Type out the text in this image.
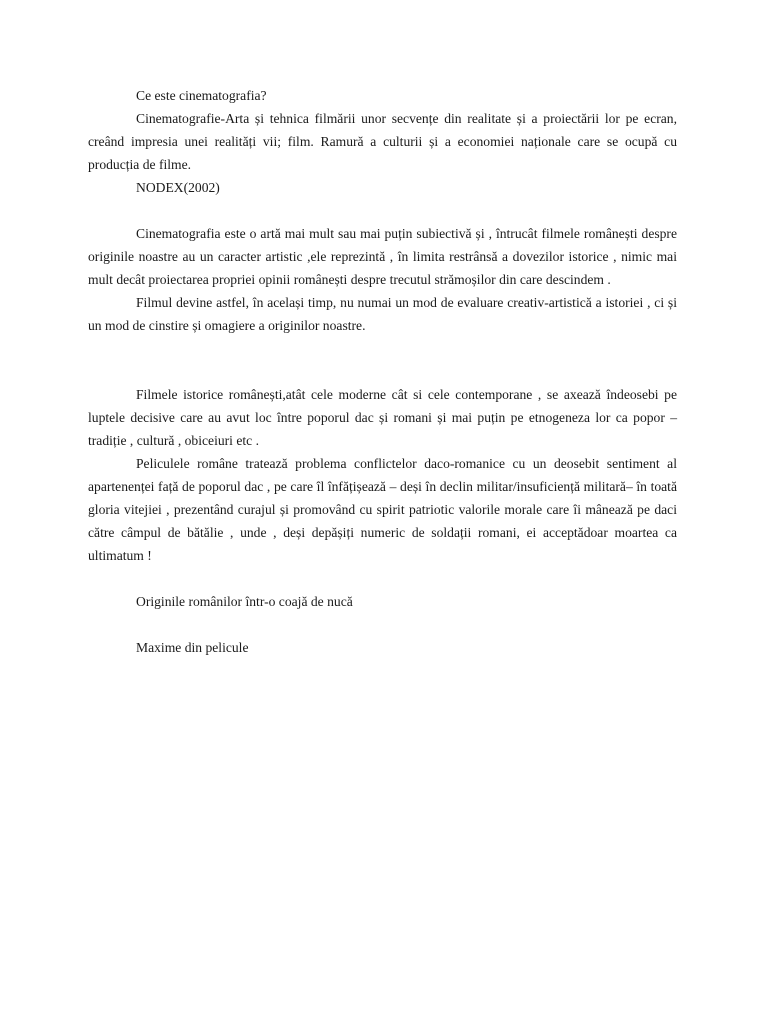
Ce este cinematografia?

Cinematografie-Arta și tehnica filmării unor secvențe din realitate și a proiectării lor pe ecran, creând impresia unei realități vii; film. Ramură a culturii și a economiei naționale care se ocupă cu producția de filme.

NODEX(2002)

Cinematografia este o artă mai mult sau mai puțin subiectivă și , întrucât filmele românești despre originile noastre au un caracter artistic ,ele reprezintă , în limita restrânsă a dovezilor istorice , nimic mai mult decât proiectarea propriei opinii românești despre trecutul strămoșilor din care descindem .

Filmul devine astfel, în același timp, nu numai un mod de evaluare creativ-artistică a istoriei , ci și un mod de cinstire și omagiere a originilor noastre.

Filmele istorice românești,atât cele moderne cât si cele contemporane , se axează îndeosebi pe luptele decisive care au avut loc între poporul dac și romani și mai puțin pe etnogeneza lor ca popor – tradiție , cultură , obiceiuri etc .

Peliculele române tratează problema conflictelor daco-romanice cu un deosebit sentiment al apartenenței față de poporul dac , pe care îl înfățișează – deși în declin militar/insuficiență militară– în toată gloria vitejiei , prezentând curajul și promovând cu spirit patriotic valorile morale care îi mânează pe daci către câmpul de bătălie , unde , deși depășiți numeric de soldații romani, ei acceptădoar moartea ca ultimatum !

Originile românilor într-o coajă de nucă

Maxime din pelicule
